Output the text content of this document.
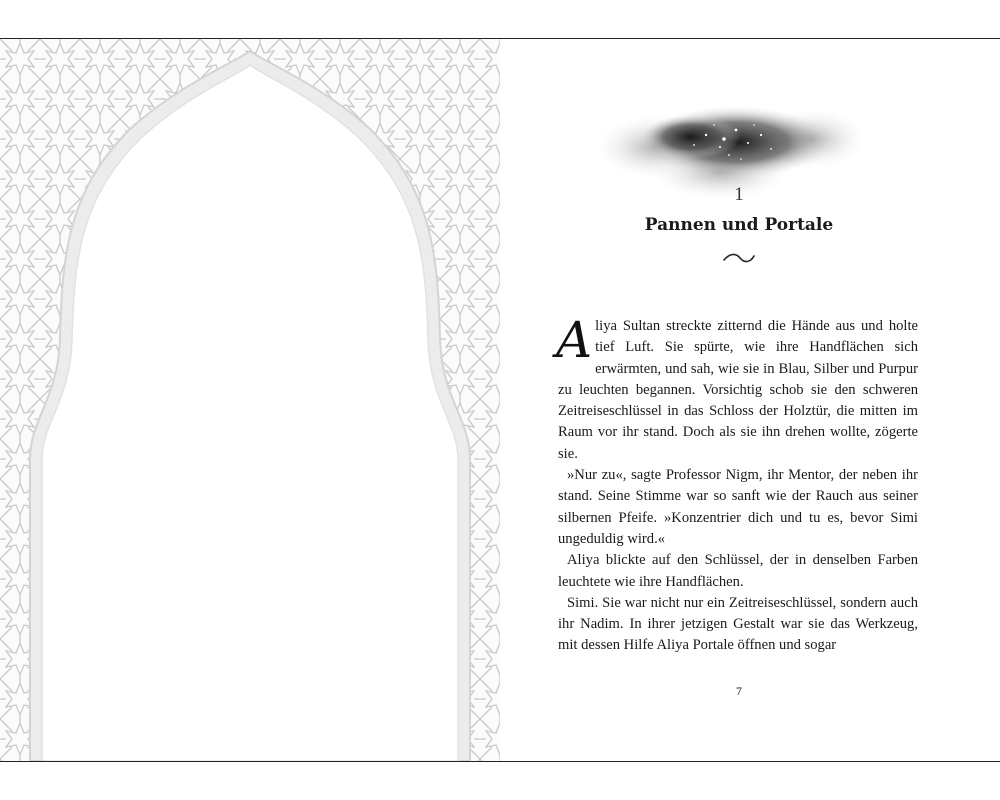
1
Pannen und Portale

Aliya Sultan streckte zitternd die Hände aus und holte tief Luft. Sie spürte, wie ihre Handflächen sich erwärmten, und sah, wie sie in Blau, Silber und Purpur zu leuchten begannen. Vorsichtig schob sie den schweren Zeitreiseschlüssel in das Schloss der Holztür, die mitten im Raum vor ihr stand. Doch als sie ihn drehen wollte, zögerte sie.

»Nur zu«, sagte Professor Nigm, ihr Mentor, der neben ihr stand. Seine Stimme war so sanft wie der Rauch aus seiner silbernen Pfeife. »Konzentrier dich und tu es, bevor Simi ungeduldig wird.«

Aliya blickte auf den Schlüssel, der in denselben Farben leuchtete wie ihre Handflächen.

Simi. Sie war nicht nur ein Zeitreiseschlüssel, sondern auch ihr Nadim. In ihrer jetzigen Gestalt war sie das Werkzeug, mit dessen Hilfe Aliya Portale öffnen und sogar

7
